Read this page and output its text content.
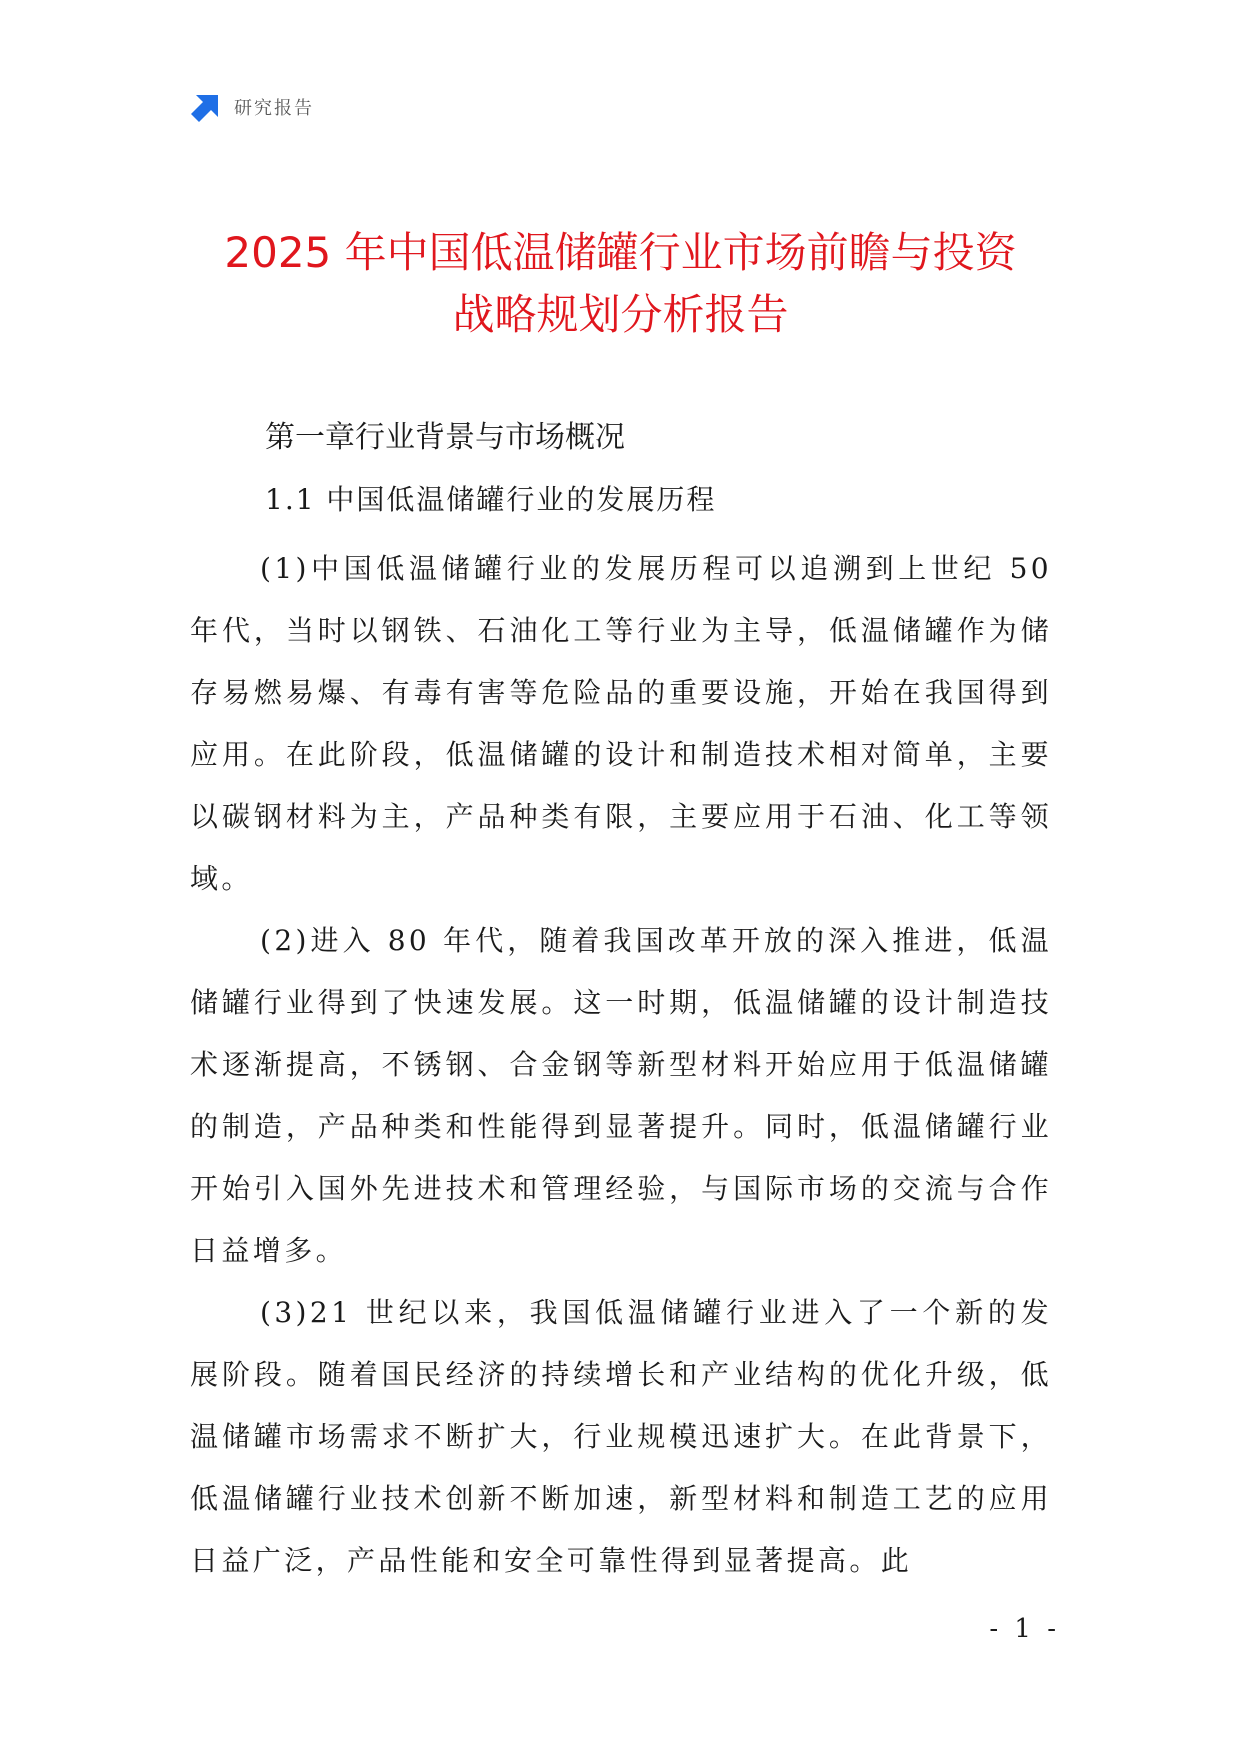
研究报告
2025 年中国低温储罐行业市场前瞻与投资
战略规划分析报告
第一章行业背景与市场概况
1.1 中国低温储罐行业的发展历程

(1)中国低温储罐行业的发展历程可以追溯到上世纪 50 年代，当时以钢铁、石油化工等行业为主导，低温储罐作为储存易燃易爆、有毒有害等危险品的重要设施，开始在我国得到应用。在此阶段，低温储罐的设计和制造技术相对简单，主要以碳钢材料为主，产品种类有限，主要应用于石油、化工等领域。

(2)进入 80 年代，随着我国改革开放的深入推进，低温储罐行业得到了快速发展。这一时期，低温储罐的设计制造技术逐渐提高，不锈钢、合金钢等新型材料开始应用于低温储罐的制造，产品种类和性能得到显著提升。同时，低温储罐行业开始引入国外先进技术和管理经验，与国际市场的交流与合作日益增多。

(3)21 世纪以来，我国低温储罐行业进入了一个新的发展阶段。随着国民经济的持续增长和产业结构的优化升级，低温储罐市场需求不断扩大，行业规模迅速扩大。在此背景下，低温储罐行业技术创新不断加速，新型材料和制造工艺的应用日益广泛，产品性能和安全可靠性得到显著提高。此

- 1 -
